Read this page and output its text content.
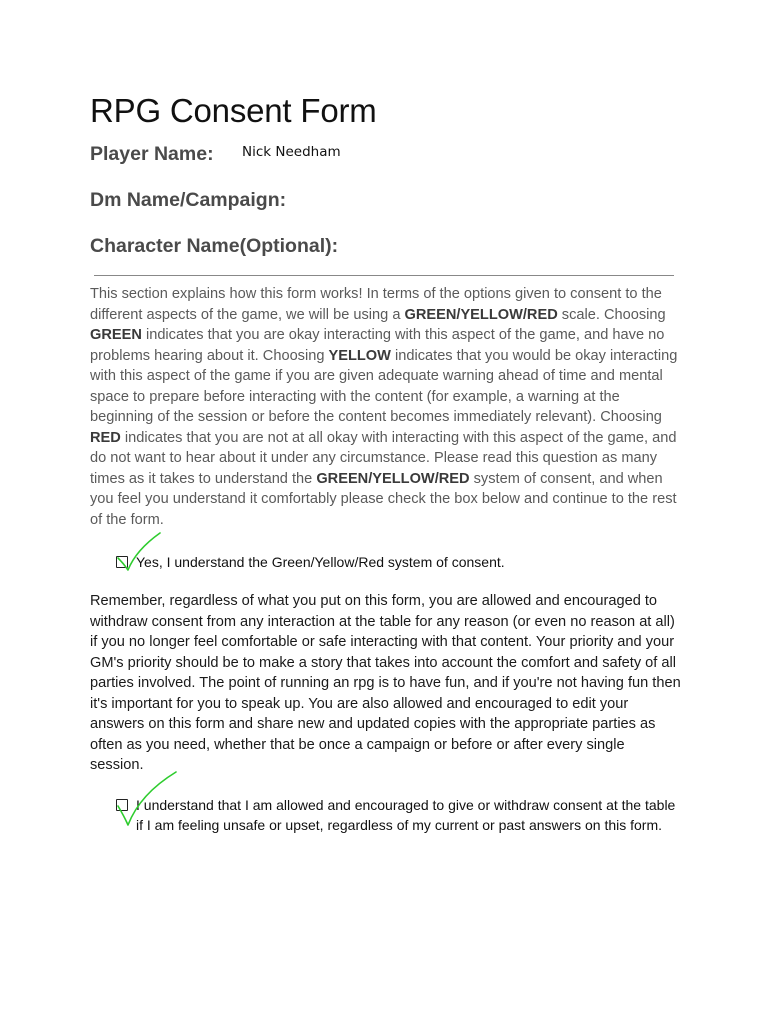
RPG Consent Form
Player Name: Nick Needham
Dm Name/Campaign:
Character Name(Optional):

This section explains how this form works! In terms of the options given to consent to the different aspects of the game, we will be using a GREEN/YELLOW/RED scale. Choosing GREEN indicates that you are okay interacting with this aspect of the game, and have no problems hearing about it. Choosing YELLOW indicates that you would be okay interacting with this aspect of the game if you are given adequate warning ahead of time and mental space to prepare before interacting with the content (for example, a warning at the beginning of the session or before the content becomes immediately relevant). Choosing RED indicates that you are not at all okay with interacting with this aspect of the game, and do not want to hear about it under any circumstance. Please read this question as many times as it takes to understand the GREEN/YELLOW/RED system of consent, and when you feel you understand it comfortably please check the box below and continue to the rest of the form.

Yes, I understand the Green/Yellow/Red system of consent.

Remember, regardless of what you put on this form, you are allowed and encouraged to withdraw consent from any interaction at the table for any reason (or even no reason at all) if you no longer feel comfortable or safe interacting with that content. Your priority and your GM's priority should be to make a story that takes into account the comfort and safety of all parties involved. The point of running an rpg is to have fun, and if you're not having fun then it's important for you to speak up. You are also allowed and encouraged to edit your answers on this form and share new and updated copies with the appropriate parties as often as you need, whether that be once a campaign or before or after every single session.

I understand that I am allowed and encouraged to give or withdraw consent at the table if I am feeling unsafe or upset, regardless of my current or past answers on this form.
